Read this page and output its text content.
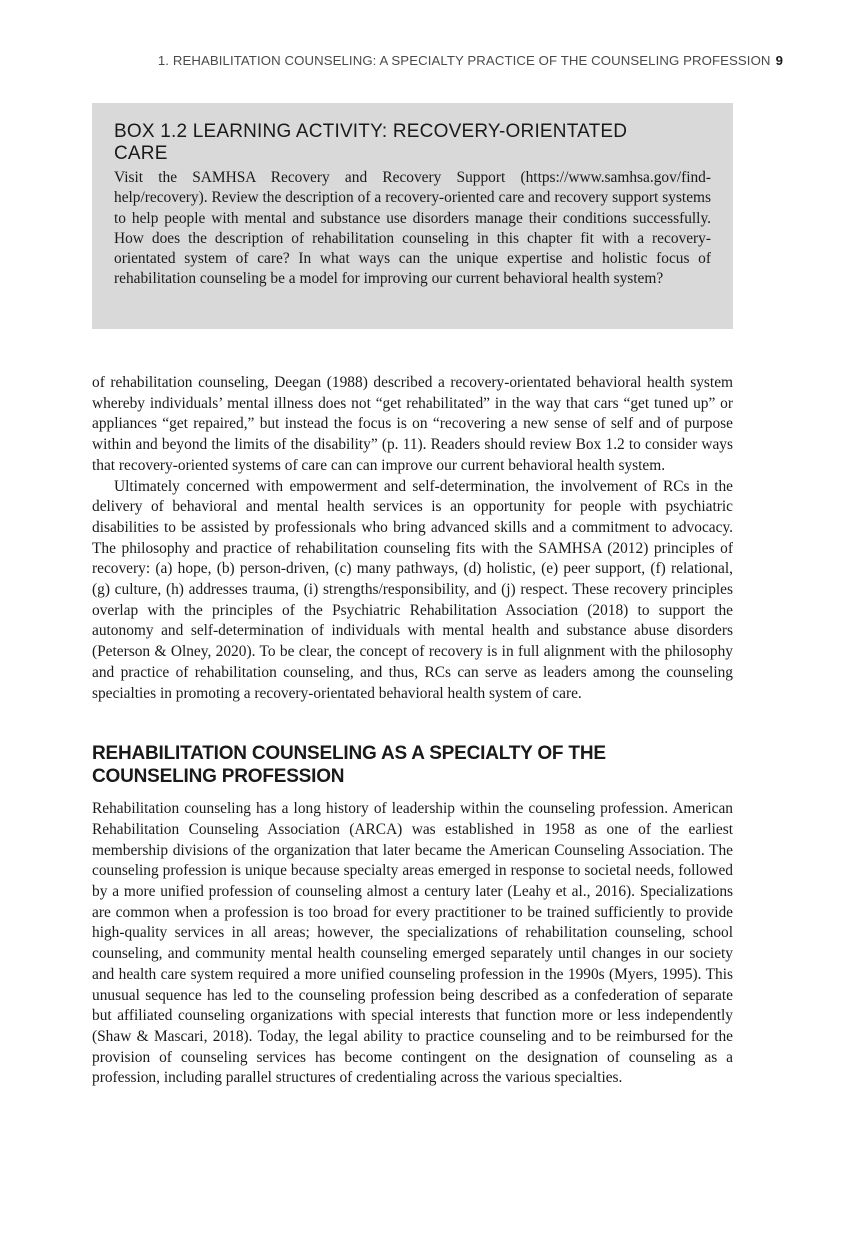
1. REHABILITATION COUNSELING: A SPECIALTY PRACTICE OF THE COUNSELING PROFESSION 9
BOX 1.2 LEARNING ACTIVITY: RECOVERY-ORIENTATED CARE

Visit the SAMHSA Recovery and Recovery Support (https://www.samhsa.gov/find-help/recovery). Review the description of a recovery-oriented care and recovery support systems to help people with mental and substance use disorders manage their conditions successfully. How does the description of rehabilitation counseling in this chapter fit with a recovery-orientated system of care? In what ways can the unique expertise and holistic focus of rehabilitation counseling be a model for improving our current behavioral health system?

of rehabilitation counseling, Deegan (1988) described a recovery-orientated behavioral health system whereby individuals’ mental illness does not “get rehabilitated” in the way that cars “get tuned up” or appliances “get repaired,” but instead the focus is on “recovering a new sense of self and of purpose within and beyond the limits of the disability” (p. 11). Readers should review Box 1.2 to consider ways that recovery-oriented systems of care can can improve our current behavioral health system.

Ultimately concerned with empowerment and self-determination, the involvement of RCs in the delivery of behavioral and mental health services is an opportunity for people with psychiatric disabilities to be assisted by professionals who bring advanced skills and a commitment to advocacy. The philosophy and practice of rehabilitation counseling fits with the SAMHSA (2012) principles of recovery: (a) hope, (b) person-driven, (c) many pathways, (d) holistic, (e) peer support, (f) relational, (g) culture, (h) addresses trauma, (i) strengths/responsibility, and (j) respect. These recovery principles overlap with the principles of the Psychiatric Rehabilitation Association (2018) to support the autonomy and self-determination of individuals with mental health and substance abuse disorders (Peterson & Olney, 2020). To be clear, the concept of recovery is in full alignment with the philosophy and practice of rehabilitation counseling, and thus, RCs can serve as leaders among the counseling specialties in promoting a recovery-orientated behavioral health system of care.

REHABILITATION COUNSELING AS A SPECIALTY OF THE COUNSELING PROFESSION

Rehabilitation counseling has a long history of leadership within the counseling profession. American Rehabilitation Counseling Association (ARCA) was established in 1958 as one of the earliest membership divisions of the organization that later became the American Counseling Association. The counseling profession is unique because specialty areas emerged in response to societal needs, followed by a more unified profession of counseling almost a century later (Leahy et al., 2016). Specializations are common when a profession is too broad for every practitioner to be trained sufficiently to provide high-quality services in all areas; however, the specializations of rehabilitation counseling, school counseling, and community mental health counseling emerged separately until changes in our society and health care system required a more unified counseling profession in the 1990s (Myers, 1995). This unusual sequence has led to the counseling profession being described as a confederation of separate but affiliated counseling organizations with special interests that function more or less independently (Shaw & Mascari, 2018). Today, the legal ability to practice counseling and to be reimbursed for the provision of counseling services has become contingent on the designation of counseling as a profession, including parallel structures of credentialing across the various specialties.
